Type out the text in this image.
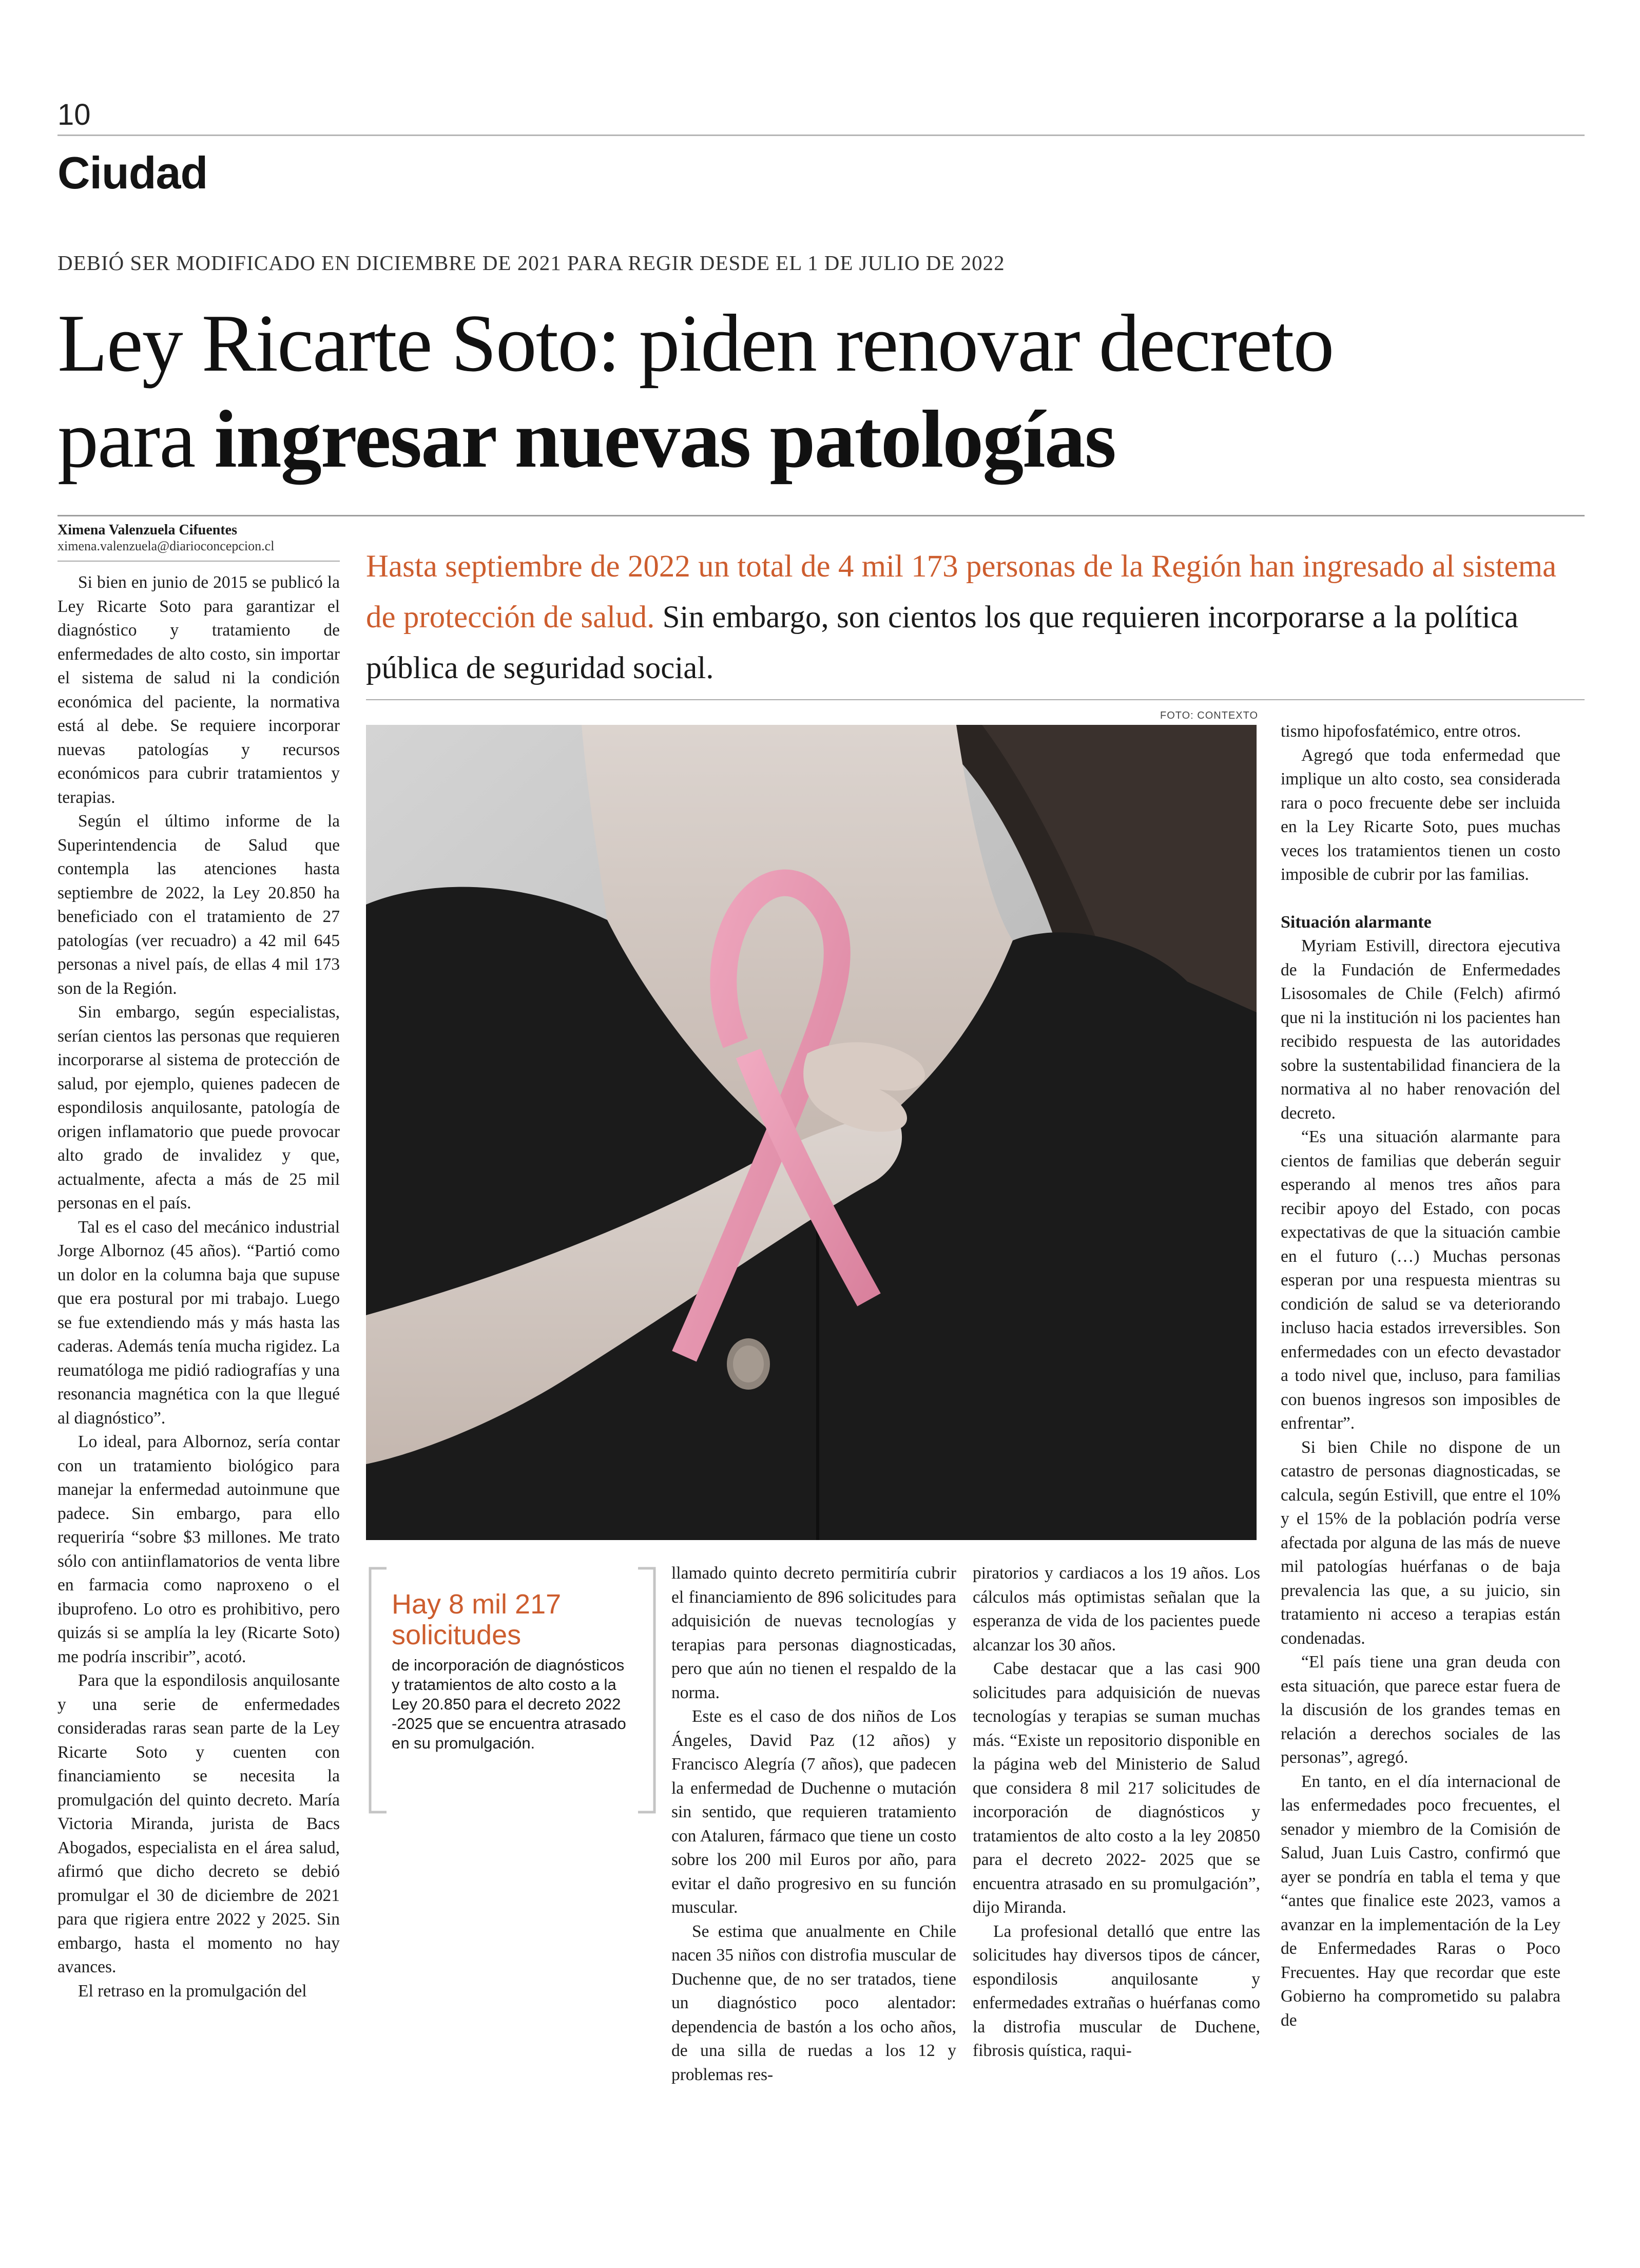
10
Ciudad
DEBIÓ SER MODIFICADO EN DICIEMBRE DE 2021 PARA REGIR DESDE EL 1 DE JULIO DE 2022
Ley Ricarte Soto: piden renovar decreto
para ingresar nuevas patologías
Ximena Valenzuela Cifuentes
ximena.valenzuela@diarioconcepcion.cl
Hasta septiembre de 2022 un total de 4 mil 173 personas de la Región han ingresado al sistema de protección de salud. Sin embargo, son cientos los que requieren incorporarse a la política pública de seguridad social.
FOTO: CONTEXTO
Hay 8 mil 217 solicitudes
de incorporación de diagnósticos y tratamientos de alto costo a la Ley 20.850 para el decreto 2022 -2025 que se encuentra atrasado en su promulgación.

Si bien en junio de 2015 se publicó la Ley Ricarte Soto para garantizar el diagnóstico y tratamiento de enfermedades de alto costo, sin importar el sistema de salud ni la condición económica del paciente, la normativa está al debe. Se requiere incorporar nuevas patologías y recursos económicos para cubrir tratamientos y terapias.

Según el último informe de la Superintendencia de Salud que contempla las atenciones hasta septiembre de 2022, la Ley 20.850 ha beneficiado con el tratamiento de 27 patologías (ver recuadro) a 42 mil 645 personas a nivel país, de ellas 4 mil 173 son de la Región.

Sin embargo, según especialistas, serían cientos las personas que requieren incorporarse al sistema de protección de salud, por ejemplo, quienes padecen de espondilosis anquilosante, patología de origen inflamatorio que puede provocar alto grado de invalidez y que, actualmente, afecta a más de 25 mil personas en el país.

Tal es el caso del mecánico industrial Jorge Albornoz (45 años). “Partió como un dolor en la columna baja que supuse que era postural por mi trabajo. Luego se fue extendiendo más y más hasta las caderas. Además tenía mucha rigidez. La reumatóloga me pidió radiografías y una resonancia magnética con la que llegué al diagnóstico”.

Lo ideal, para Albornoz, sería contar con un tratamiento biológico para manejar la enfermedad autoinmune que padece. Sin embargo, para ello requeriría “sobre $3 millones. Me trato sólo con antiinflamatorios de venta libre en farmacia como naproxeno o el ibuprofeno. Lo otro es prohibitivo, pero quizás si se amplía la ley (Ricarte Soto) me podría inscribir”, acotó.

Para que la espondilosis anquilosante y una serie de enfermedades consideradas raras sean parte de la Ley Ricarte Soto y cuenten con financiamiento se necesita la promulgación del quinto decreto. María Victoria Miranda, jurista de Bacs Abogados, especialista en el área salud, afirmó que dicho decreto se debió promulgar el 30 de diciembre de 2021 para que rigiera entre 2022 y 2025. Sin embargo, hasta el momento no hay avances.

El retraso en la promulgación del

llamado quinto decreto permitiría cubrir el financiamiento de 896 solicitudes para adquisición de nuevas tecnologías y terapias para personas diagnosticadas, pero que aún no tienen el respaldo de la norma.

Este es el caso de dos niños de Los Ángeles, David Paz (12 años) y Francisco Alegría (7 años), que padecen la enfermedad de Duchenne o mutación sin sentido, que requieren tratamiento con Ataluren, fármaco que tiene un costo sobre los 200 mil Euros por año, para evitar el daño progresivo en su función muscular.

Se estima que anualmente en Chile nacen 35 niños con distrofia muscular de Duchenne que, de no ser tratados, tiene un diagnóstico poco alentador: dependencia de bastón a los ocho años, de una silla de ruedas a los 12 y problemas res-

piratorios y cardiacos a los 19 años. Los cálculos más optimistas señalan que la esperanza de vida de los pacientes puede alcanzar los 30 años.

Cabe destacar que a las casi 900 solicitudes para adquisición de nuevas tecnologías y terapias se suman muchas más. “Existe un repositorio disponible en la página web del Ministerio de Salud que considera 8 mil 217 solicitudes de incorporación de diagnósticos y tratamientos de alto costo a la ley 20850 para el decreto 2022- 2025 que se encuentra atrasado en su promulgación”, dijo Miranda.

La profesional detalló que entre las solicitudes hay diversos tipos de cáncer, espondilosis anquilosante y enfermedades extrañas o huérfanas como la distrofia muscular de Duchene, fibrosis quística, raqui-

tismo hipofosfatémico, entre otros.

Agregó que toda enfermedad que implique un alto costo, sea considerada rara o poco frecuente debe ser incluida en la Ley Ricarte Soto, pues muchas veces los tratamientos tienen un costo imposible de cubrir por las familias.

Situación alarmante

Myriam Estivill, directora ejecutiva de la Fundación de Enfermedades Lisosomales de Chile (Felch) afirmó que ni la institución ni los pacientes han recibido respuesta de las autoridades sobre la sustentabilidad financiera de la normativa al no haber renovación del decreto.

“Es una situación alarmante para cientos de familias que deberán seguir esperando al menos tres años para recibir apoyo del Estado, con pocas expectativas de que la situación cambie en el futuro (…) Muchas personas esperan por una respuesta mientras su condición de salud se va deteriorando incluso hacia estados irreversibles. Son enfermedades con un efecto devastador a todo nivel que, incluso, para familias con buenos ingresos son imposibles de enfrentar”.

Si bien Chile no dispone de un catastro de personas diagnosticadas, se calcula, según Estivill, que entre el 10% y el 15% de la población podría verse afectada por alguna de las más de nueve mil patologías huérfanas o de baja prevalencia las que, a su juicio, sin tratamiento ni acceso a terapias están condenadas.

“El país tiene una gran deuda con esta situación, que parece estar fuera de la discusión de los grandes temas en relación a derechos sociales de las personas”, agregó.

En tanto, en el día internacional de las enfermedades poco frecuentes, el senador y miembro de la Comisión de Salud, Juan Luis Castro, confirmó que ayer se pondría en tabla el tema y que “antes que finalice este 2023, vamos a avanzar en la implementación de la Ley de Enfermedades Raras o Poco Frecuentes. Hay que recordar que este Gobierno ha comprometido su palabra de
